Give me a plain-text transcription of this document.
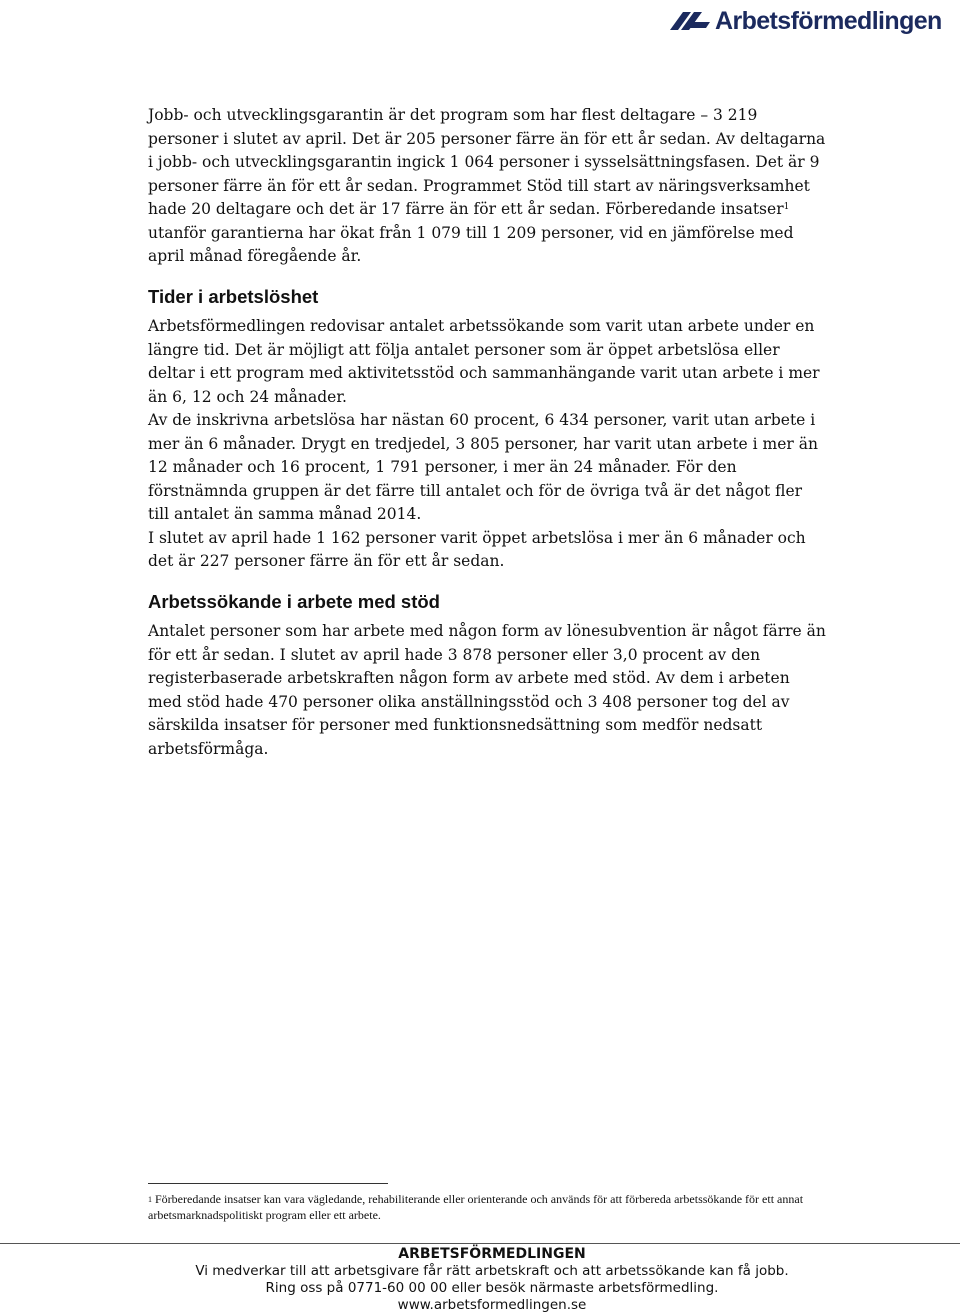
Arbetsförmedlingen

Jobb- och utvecklingsgarantin är det program som har flest deltagare – 3 219 personer i slutet av april. Det är 205 personer färre än för ett år sedan. Av deltagarna i jobb- och utvecklingsgarantin ingick 1 064 personer i sysselsättningsfasen. Det är 9 personer färre än för ett år sedan. Programmet Stöd till start av näringsverksamhet hade 20 deltagare och det är 17 färre än för ett år sedan. Förberedande insatser$^1$ utanför garantierna har ökat från 1 079 till 1 209 personer, vid en jämförelse med april månad föregående år.

Tider i arbetslöshet

Arbetsförmedlingen redovisar antalet arbetssökande som varit utan arbete under en längre tid. Det är möjligt att följa antalet personer som är öppet arbetslösa eller deltar i ett program med aktivitetsstöd och sammanhängande varit utan arbete i mer än 6, 12 och 24 månader.

Av de inskrivna arbetslösa har nästan 60 procent, 6 434 personer, varit utan arbete i mer än 6 månader. Drygt en tredjedel, 3 805 personer, har varit utan arbete i mer än 12 månader och 16 procent, 1 791 personer, i mer än 24 månader. För den förstnämnda gruppen är det färre till antalet och för de övriga två är det något fler till antalet än samma månad 2014.

I slutet av april hade 1 162 personer varit öppet arbetslösa i mer än 6 månader och det är 227 personer färre än för ett år sedan.

Arbetssökande i arbete med stöd

Antalet personer som har arbete med någon form av lönesubvention är något färre än för ett år sedan. I slutet av april hade 3 878 personer eller 3,0 procent av den registerbaserade arbetskraften någon form av arbete med stöd. Av dem i arbeten med stöd hade 470 personer olika anställningsstöd och 3 408 personer tog del av särskilda insatser för personer med funktionsnedsättning som medför nedsatt arbetsförmåga.

$^1$ Förberedande insatser kan vara vägledande, rehabiliterande eller orienterande och används för att förbereda arbetssökande för ett annat arbetsmarknadspolitiskt program eller ett arbete.
ARBETSFÖRMEDLINGEN
Vi medverkar till att arbetsgivare får rätt arbetskraft och att arbetssökande kan få jobb.
Ring oss på 0771-60 00 00 eller besök närmaste arbetsförmedling.
www.arbetsformedlingen.se
